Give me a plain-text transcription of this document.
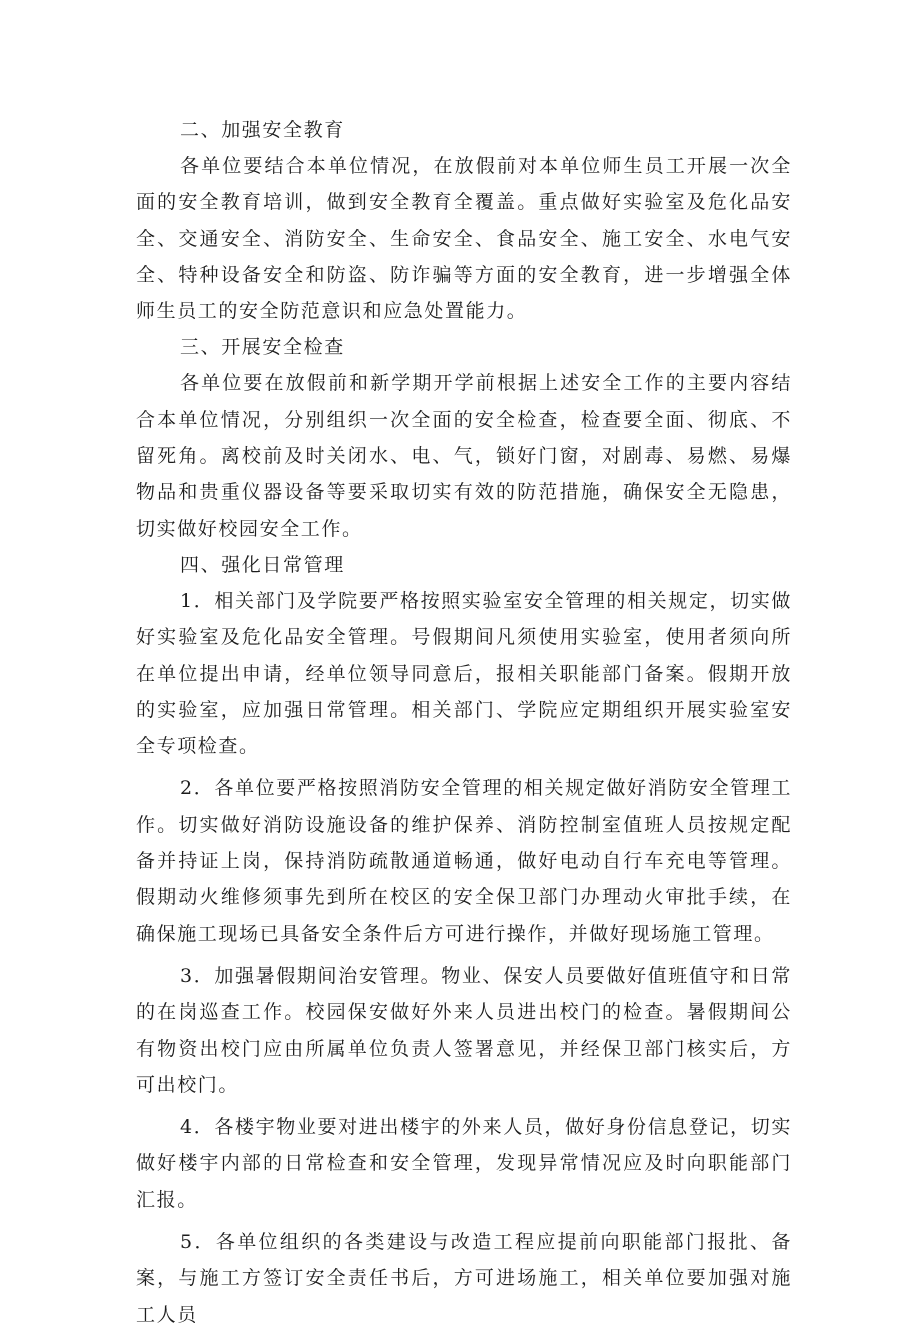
二、加强安全教育

各单位要结合本单位情况，在放假前对本单位师生员工开展一次全面的安全教育培训，做到安全教育全覆盖。重点做好实验室及危化品安全、交通安全、消防安全、生命安全、食品安全、施工安全、水电气安全、特种设备安全和防盗、防诈骗等方面的安全教育，进一步增强全体师生员工的安全防范意识和应急处置能力。

三、开展安全检查

各单位要在放假前和新学期开学前根据上述安全工作的主要内容结合本单位情况，分别组织一次全面的安全检查，检查要全面、彻底、不留死角。离校前及时关闭水、电、气，锁好门窗，对剧毒、易燃、易爆物品和贵重仪器设备等要采取切实有效的防范措施，确保安全无隐患，切实做好校园安全工作。

四、强化日常管理

1．相关部门及学院要严格按照实验室安全管理的相关规定，切实做好实验室及危化品安全管理。号假期间凡须使用实验室，使用者须向所在单位提出申请，经单位领导同意后，报相关职能部门备案。假期开放的实验室，应加强日常管理。相关部门、学院应定期组织开展实验室安全专项检查。

2．各单位要严格按照消防安全管理的相关规定做好消防安全管理工作。切实做好消防设施设备的维护保养、消防控制室值班人员按规定配备并持证上岗，保持消防疏散通道畅通，做好电动自行车充电等管理。假期动火维修须事先到所在校区的安全保卫部门办理动火审批手续，在确保施工现场已具备安全条件后方可进行操作，并做好现场施工管理。

3．加强暑假期间治安管理。物业、保安人员要做好值班值守和日常的在岗巡查工作。校园保安做好外来人员进出校门的检查。暑假期间公有物资出校门应由所属单位负责人签署意见，并经保卫部门核实后，方可出校门。

4．各楼宇物业要对进出楼宇的外来人员，做好身份信息登记，切实做好楼宇内部的日常检查和安全管理，发现异常情况应及时向职能部门汇报。

5．各单位组织的各类建设与改造工程应提前向职能部门报批、备案，与施工方签订安全责任书后，方可进场施工，相关单位要加强对施工人员
